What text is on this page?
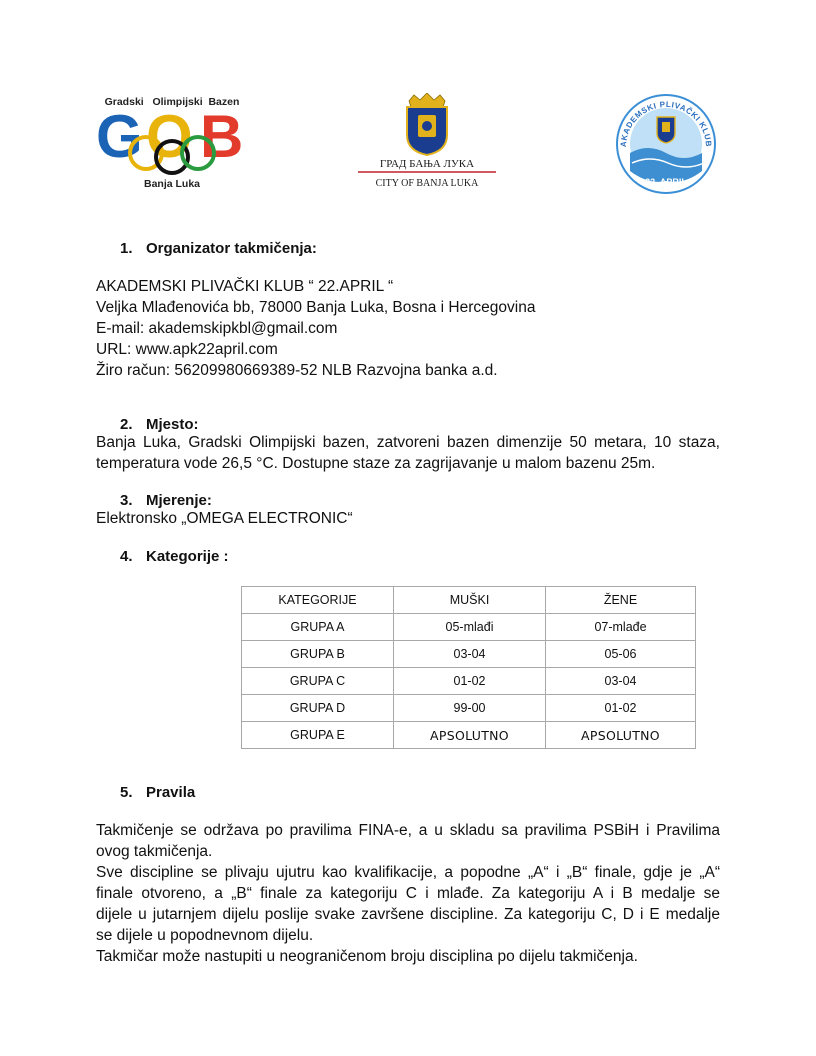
Gradski   Olimpijski  Bazen
G O B
Banja Luka
ГРАД БАЊА ЛУКА
CITY OF BANJA LUKA
AKADEMSKI PLIVAČKI KLUB
22. APRIL
1. Organizator takmičenja:
AKADEMSKI PLIVAČKI KLUB “ 22.APRIL “
Veljka Mlađenovića bb, 78000 Banja Luka, Bosna i Hercegovina
E-mail: akademskipkbl@gmail.com
URL: www.apk22april.com
Žiro račun: 56209980669389-52 NLB Razvojna banka a.d.
2. Mjesto:
Banja Luka, Gradski Olimpijski bazen, zatvoreni bazen dimenzije 50 metara, 10 staza,
temperatura vode 26,5 °C. Dostupne staze za zagrijavanje u malom bazenu 25m.
3. Mjerenje:
Elektronsko „OMEGA ELECTRONIC“
4. Kategorije :
KATEGORIJE	MUŠKI	ŽENE
GRUPA A	05-mlađi	07-mlađe
GRUPA B	03-04	05-06
GRUPA C	01-02	03-04
GRUPA D	99-00	01-02
GRUPA E	APSOLUTNO	APSOLUTNO
5. Pravila
Takmičenje se održava po pravilima FINA-e, a u skladu sa pravilima PSBiH i Pravilima
ovog takmičenja.
Sve discipline se plivaju ujutru kao kvalifikacije, a popodne „A“ i „B“ finale, gdje je „A“
finale otvoreno, a „B“ finale za kategoriju C i mlađe. Za kategoriju A i B medalje se
dijele u jutarnjem dijelu poslije svake završene discipline. Za kategoriju C, D i E medalje
se dijele u popodnevnom dijelu.
Takmičar može nastupiti u neograničenom broju disciplina po dijelu takmičenja.
